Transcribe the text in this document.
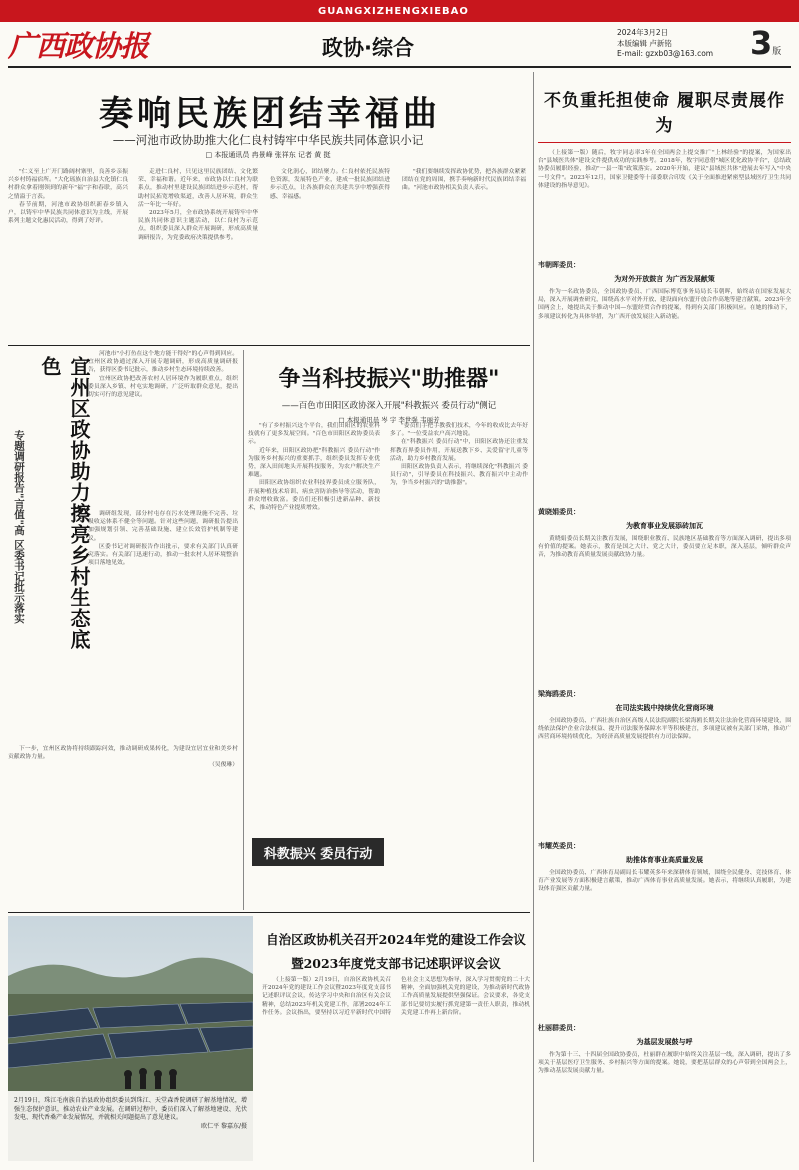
GUANGXIZHENGXIEBAO
广西政协报	政协·综合
2024年3月2日
本版编辑 卢新铭
E-mail: gzxb03@163.com 3版
奏响民族团结幸福曲
——河池市政协助推大化仁良村铸牢中华民族共同体意识小记
□ 本报通讯员 冉景峰 张祥东 记者 黄 挺

"仁义至上广开门路阔村寨里，良善乡亲振兴乡村铸福宿所。"大化瑶族自治县大化镇仁良村群众拿着刚领到的新年"福"字和春联，高兴之情溢于言表。

春节前期，河池市政协组织新春乡镇入户，以铸牢中华民族共同体意识为主线，开展系列主题文化惠民活动，得到了好评。

走进仁良村，只见这里民族团结、文化繁荣、幸福和谐。近年来，市政协以仁良村为联系点，推动村里建设民族团结进步示范村，帮助村民拓宽增收渠道，改善人居环境，群众生活一年比一年好。

2023年5月，全市政协系统开展铸牢中华民族共同体意识主题活动，以仁良村为示范点，组织委员深入群众开展调研，形成高质量调研报告，为党委政府决策提供参考。

文化润心，团结聚力。仁良村依托民族特色资源，发展特色产业，建成一批民族团结进步示范点，让各族群众在共建共享中增强获得感、幸福感。

"我们要继续发挥政协优势，把各族群众紧紧团结在党的周围，携手奏响新时代民族团结幸福曲。"河池市政协相关负责人表示。

不负重托担使命 履职尽责展作为

（上接第一版）随后，牧宇同志率3年在全国两会上提交推广"上林经验"的提案，为国家出台"县域医共体"建设文件提供成功的实践参考。2018年，牧宇同意借"城区优化政协平台"，总结政协委员履职经验，推动"一县一策"政策落实。2020年开始，建议"县域医共体"进展去年写入"中央一号文件"。2023年12月，国家卫健委等十部委联合印发《关于全面推进紧密型县域医疗卫生共同体建设的指导意见》。

韦朝晖委员：
为对外开放鼓言 为广西发展献策

作为一名政协委员，全国政协委员、广西国际博览事务局局长韦朝晖，始终站在国家发展大局，深入开展调查研究，围绕高水平对外开放、建设面向东盟开放合作高地等建言献策。2023年全国两会上，她提出关于推动中国—东盟经贸合作的提案，得到有关部门积极回应。在她的推动下，多项建议转化为具体举措，为广西开放发展注入新动能。

黄晓娟委员：
为教育事业发展添砖加瓦

黄晓娟委员长期关注教育发展，围绕职业教育、民族地区基础教育等方面深入调研，提出多项有价值的提案。她表示，教育是国之大计、党之大计，委员要立足本职，深入基层，倾听群众声音，为推动教育高质量发展贡献政协力量。

梁海鸥委员：
在司法实践中持续优化营商环境

全国政协委员、广西壮族自治区高级人民法院副院长梁海鸥长期关注法治化营商环境建设，围绕依法保护企业合法权益、提升司法服务保障水平等积极建言，多项建议被有关部门采纳，推动广西营商环境持续优化，为经济高质量发展提供有力司法保障。

韦耀英委员：
助推体育事业高质量发展

全国政协委员、广西体育局副局长韦耀英多年来深耕体育领域，围绕全民健身、竞技体育、体育产业发展等方面积极建言献策，推动广西体育事业高质量发展。她表示，将继续认真履职，为建设体育强区贡献力量。

杜丽群委员：
为基层发展鼓与呼

作为第十三、十四届全国政协委员，杜丽群在履职中始终关注基层一线，深入调研，提出了多项关于基层医疗卫生服务、乡村振兴等方面的提案。她说，要把基层群众的心声带到全国两会上，为推动基层发展贡献力量。

河池市"小打鱼在这个地方能干得好"的心声得到回应。宜州区政协通过深入开展专题调研，形成高质量调研报告，获得区委书记批示，推动乡村生态环境持续改善。

宜州区政协把改善农村人居环境作为履职重点，组织委员深入乡镇、村屯实地调研，广泛听取群众意见，提出切实可行的意见建议。

宜州区政协助力擦亮乡村生态底色
专题调研报告"言值"高 区委书记批示落实	调研组发现，部分村屯存在污水处理设施不完善、垃圾收运体系不健全等问题。针对这些问题，调研报告提出加强规划引领、完善基础设施、建立长效管护机制等建议。

区委书记对调研报告作出批示，要求有关部门认真研究落实。有关部门迅速行动，推动一批农村人居环境整治项目落地见效。

下一步，宜州区政协将持续跟踪问效，推动调研成果转化，为建设宜居宜业和美乡村贡献政协力量。

（吴俊琳）

争当科技振兴"助推器"
——百色市田阳区政协深入开展"科教振兴 委员行动"侧记
□ 本报通讯员 岑 宇 李世强 韦丽芳

"有了乡村振兴这个平台，我们田阳区的农业科技就有了更多发展空间。"百色市田阳区政协委员表示。

近年来，田阳区政协把"科教振兴 委员行动"作为服务乡村振兴的重要抓手，组织委员发挥专业优势，深入田间地头开展科技服务，为农户解决生产难题。

田阳区政协组织农业科技界委员成立服务队，开展种植技术培训、病虫害防治指导等活动，帮助群众增收致富。委员们还积极引进新品种、新技术，推动特色产业提质增效。

"委员们手把手教我们技术，今年的收成比去年好多了。"一位受益农户高兴地说。

在"科教振兴 委员行动"中，田阳区政协还注重发挥教育界委员作用，开展送教下乡、关爱留守儿童等活动，助力乡村教育发展。

田阳区政协负责人表示，将继续深化"科教振兴 委员行动"，引导委员在科技振兴、教育振兴中主动作为，争当乡村振兴的"助推器"。

科教振兴 委员行动
2月19日，珠江毛南族自治县政协组织委员到珠江、天堂森香院调研了解基地情况，增强生态保护意识，推动农业产业发展。在调研过程中，委员们深入了解基地建设、光伏发电、现代香桑产业发展情况，并就相关问题提出了意见建议。
欧仁平 黎嘉东/摄
自治区政协机关召开2024年党的建设工作会议
暨2023年度党支部书记述职评议会议

（上接第一版）2月19日，自治区政协机关召开2024年党的建设工作会议暨2023年度党支部书记述职评议会议，传达学习中央和自治区有关会议精神，总结2023年机关党建工作，部署2024年工作任务。会议指出，要坚持以习近平新时代中国特色社会主义思想为指导，深入学习贯彻党的二十大精神，全面加强机关党的建设，为推动新时代政协工作高质量发展提供坚强保证。会议要求，各党支部书记要切实履行抓党建第一责任人职责，推动机关党建工作再上新台阶。
